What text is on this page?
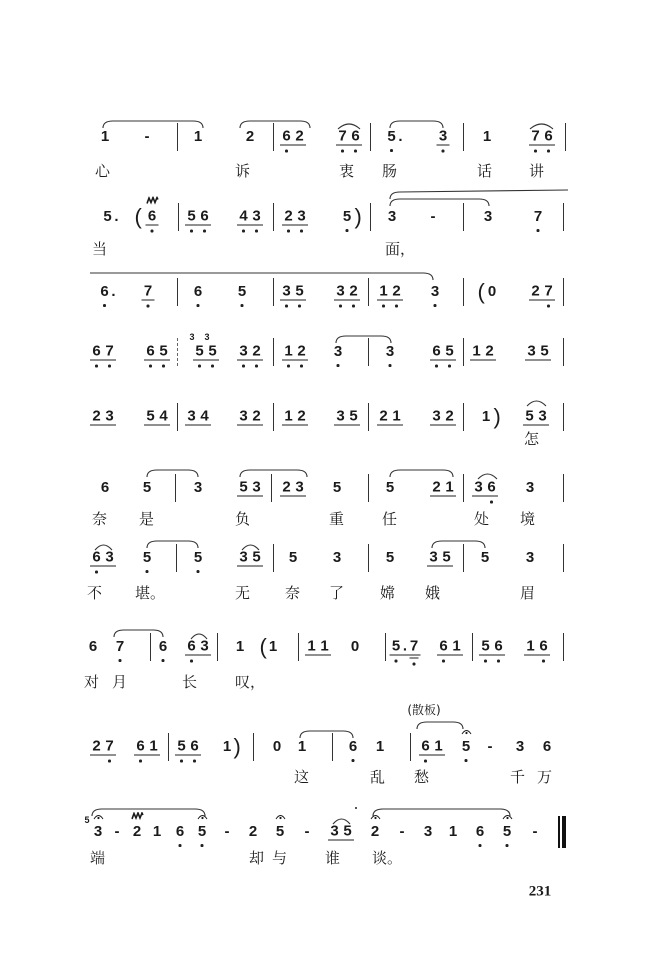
231
1 -	1	2 6 2 7 6 5 . 3 1	7 6
心	诉	衷 肠	话 讲
5 . ( 6 5 6 4 3 2 3 5 ) 3 -	3	7
当	面，
6 . 7	6 5 3 5 3 2 1 2 3 ( 0 2 7
6 7 6 5
3 3
5 5 3 2 1 2 3	3	6 5 1 2 3 5
2 3 5 4 3 4 3 2 1 2 3 5 2 1 3 2 1 ) 5 3
怎
6 5	3 5 3 2 3 5	5	2 1 3 6 3
奈 是	负	重	任	处 境
6 3 5	5 3 5 5 3	5 3 5 5 3
不 堪。	无 奈 了 嫦 娥	眉
6 7 6 6 3 1 ( 1 1 1 0 5 . 7 6 1 5 6 1 6
对 月	长	叹，
2 7 6 1 5 6 1 ) 0 1	6 1 6 1 5 - 3 6
(散板)
这	乱 愁	千 万
5
3 - 2 1 6 5 - 2 5 - 3 5 2 - 3 1 6 5 -
端	却 与	谁 谈。
